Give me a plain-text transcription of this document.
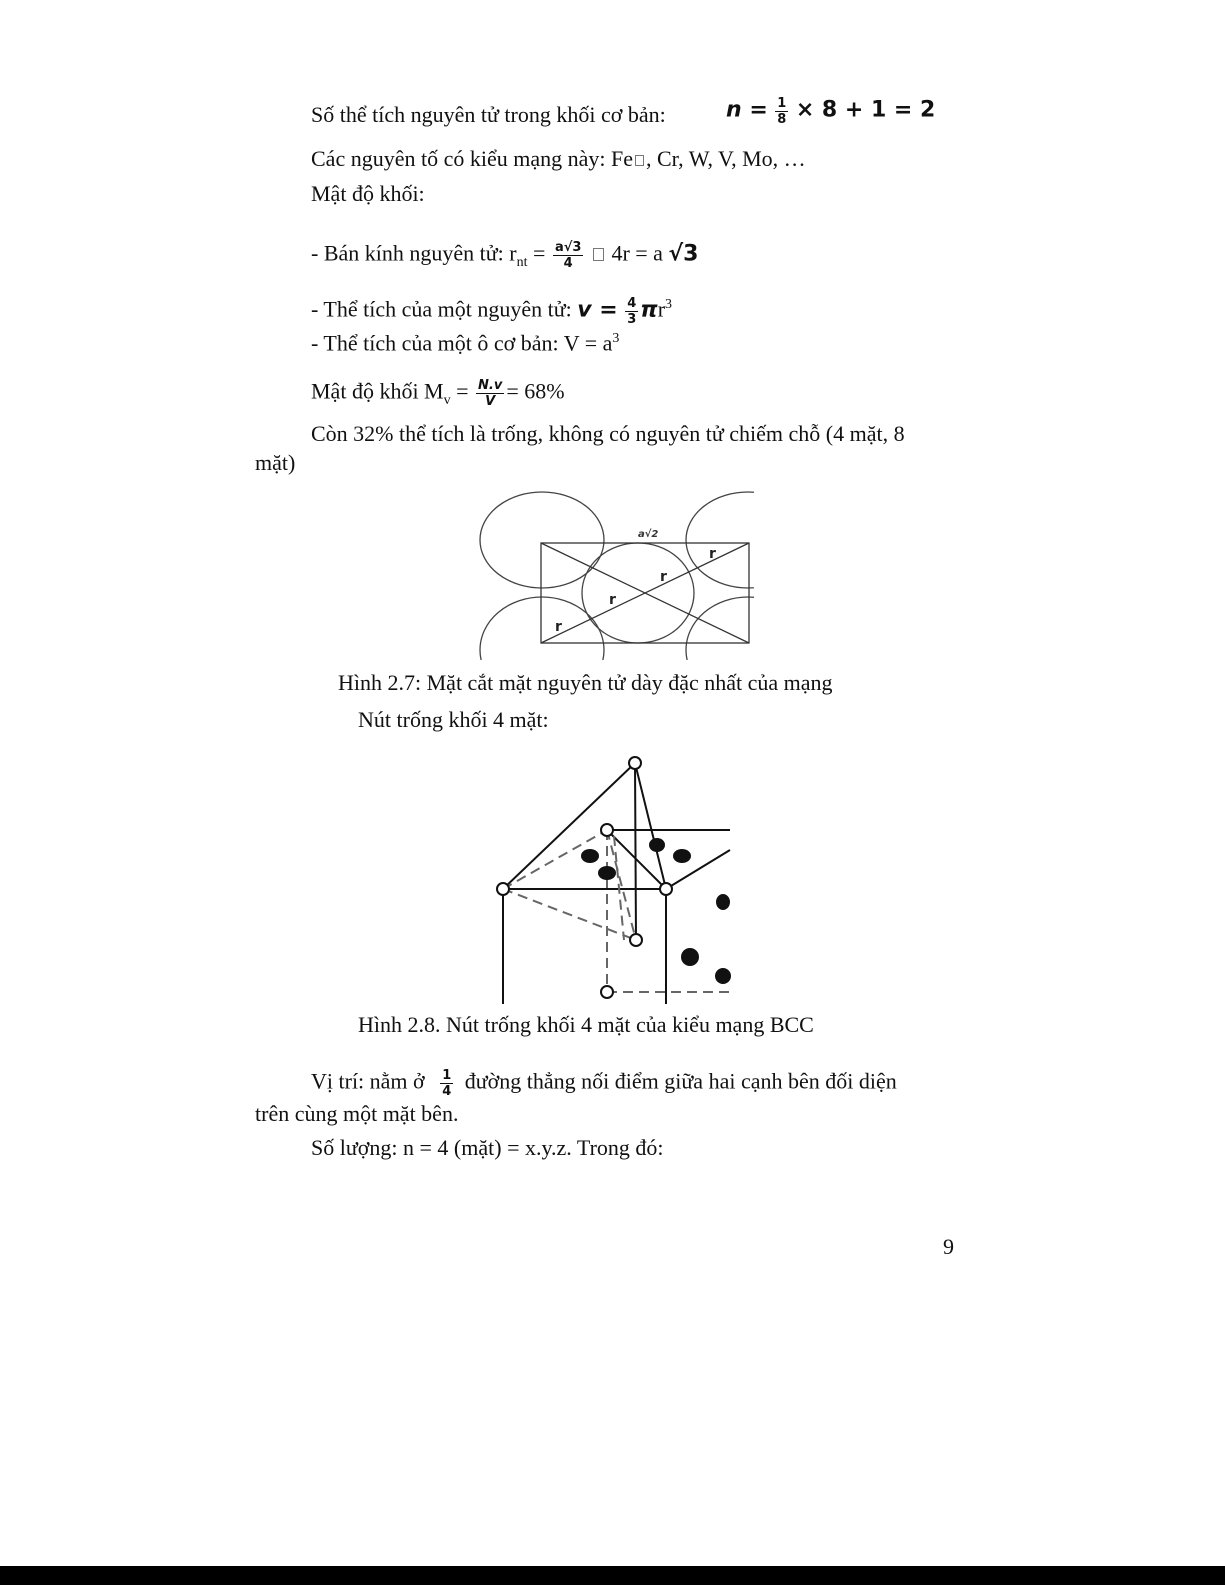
Số thể tích nguyên tử trong khối cơ bản:	$n = \frac{1}{8} \times 8 + 1 = 2$
Các nguyên tố có kiểu mạng này: Fe , Cr, W, V, Mo, …
Mật độ khối:
- Bán kính nguyên tử: $r_{nt} = \frac{a√3}{4} 4r = a$ √3
- Thể tích của một nguyên tử: $v = \frac{4}{3} \pi r^3$
- Thể tích của một ô cơ bản: $V = a^3$
Mật độ khối $M_v = \frac{N.v}{V} = 68\%$
Còn 32% thể tích là trống, không có nguyên tử chiếm chỗ (4 mặt, 8
mặt)
a√2
r
r
r
r
Hình 2.7: Mặt cắt mặt nguyên tử dày đặc nhất của mạng
Nút trống khối 4 mặt:
Hình 2.8. Nút trống khối 4 mặt của kiểu mạng BCC
Vị trí: nằm ở $\frac{1}{4}$ đường thẳng nối điểm giữa hai cạnh bên đối diện
trên cùng một mặt bên.
Số lượng: n = 4 (mặt) = x.y.z. Trong đó:
9
